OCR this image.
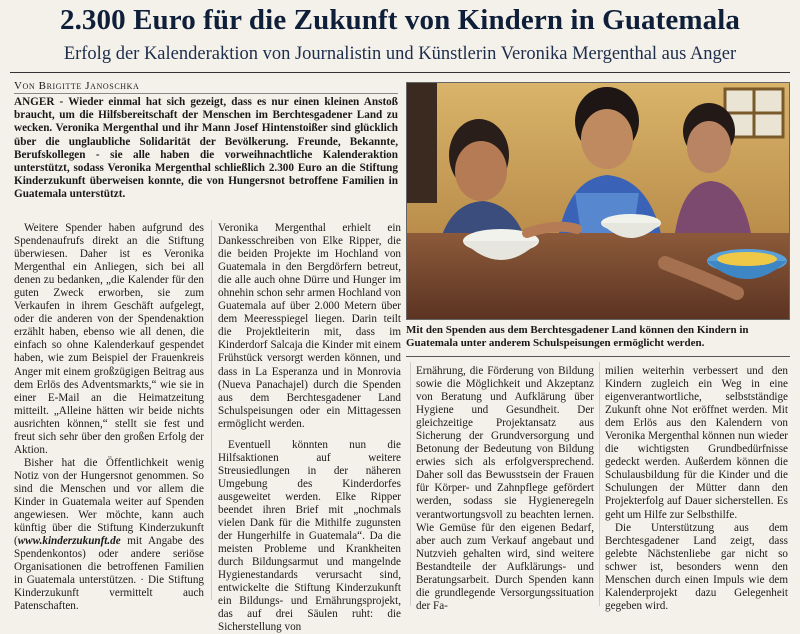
2.300 Euro für die Zukunft von Kindern in Guatemala
Erfolg der Kalenderaktion von Journalistin und Künstlerin Veronika Mergenthal aus Anger
Von Brigitte Janoschka
ANGER - Wieder einmal hat sich gezeigt, dass es nur einen kleinen Anstoß braucht, um die Hilfsbereitschaft der Menschen im Berchtesgadener Land zu wecken. Veronika Mergenthal und ihr Mann Josef Hintenstoißer sind glücklich über die unglaubliche Solidarität der Bevölkerung. Freunde, Bekannte, Berufskollegen - sie alle haben die vorweihnachtliche Kalenderaktion unterstützt, sodass Veronika Mergenthal schließlich 2.300 Euro an die Stiftung Kinderzukunft überweisen konnte, die von Hungersnot betroffene Familien in Guatemala unterstützt.
Mit den Spenden aus dem Berchtesgadener Land können den Kindern in Guatemala unter anderem Schulspeisungen ermöglicht werden.

Weitere Spender haben aufgrund des Spendenaufrufs direkt an die Stiftung überwiesen. Daher ist es Veronika Mergenthal ein Anliegen, sich bei all denen zu bedanken, „die Kalender für den guten Zweck erworben, sie zum Verkaufen in ihrem Geschäft aufgelegt, oder die anderen von der Spendenaktion erzählt haben, ebenso wie all denen, die einfach so ohne Kalenderkauf gespendet haben, wie zum Beispiel der Frauenkreis Anger mit einem großzügigen Beitrag aus dem Erlös des Adventsmarkts,“ wie sie in einer E-Mail an die Heimatzeitung mitteilt. „Alleine hätten wir beide nichts ausrichten können,“ stellt sie fest und freut sich sehr über den großen Erfolg der Aktion.

Bisher hat die Öffentlichkeit wenig Notiz von der Hungersnot genommen. So sind die Menschen und vor allem die Kinder in Guatemala weiter auf Spenden angewiesen. Wer möchte, kann auch künftig über die Stiftung Kinderzukunft (www.kinderzukunft.de mit Angabe des Spendenkontos) oder andere seriöse Organisationen die betroffenen Familien in Guatemala unterstützen. · Die Stiftung Kinderzukunft vermittelt auch Patenschaften.

Veronika Mergenthal erhielt ein Dankesschreiben von Elke Ripper, die die beiden Projekte im Hochland von Guatemala in den Bergdörfern betreut, die alle auch ohne Dürre und Hunger im ohnehin schon sehr armen Hochland von Guatemala auf über 2.000 Metern über dem Meeresspiegel liegen. Darin teilt die Projektleiterin mit, dass im Kinderdorf Salcaja die Kinder mit einem Frühstück versorgt werden können, und dass in La Esperanza und in Monrovia (Nueva Panachajel) durch die Spenden aus dem Berchtesgadener Land Schulspeisungen oder ein Mittagessen ermöglicht werden.

Eventuell könnten nun die Hilfsaktionen auf weitere Streusiedlungen in der näheren Umgebung des Kinderdorfes ausgeweitet werden. Elke Ripper beendet ihren Brief mit „nochmals vielen Dank für die Mithilfe zugunsten der Hungerhilfe in Guatemala“. Da die meisten Probleme und Krankheiten durch Bildungsarmut und mangelnde Hygienestandards verursacht sind, entwickelte die Stiftung Kinderzukunft ein Bildungs- und Ernährungsprojekt, das auf drei Säulen ruht: die Sicherstellung von

Ernährung, die Förderung von Bildung sowie die Möglichkeit und Akzeptanz von Beratung und Aufklärung über Hygiene und Gesundheit. Der gleichzeitige Projektansatz aus Sicherung der Grundversorgung und Betonung der Bedeutung von Bildung erwies sich als erfolgversprechend. Daher soll das Bewusstsein der Frauen für Körper- und Zahnpflege gefördert werden, sodass sie Hygieneregeln verantwortungsvoll zu beachten lernen. Wie Gemüse für den eigenen Bedarf, aber auch zum Verkauf angebaut und Nutzvieh gehalten wird, sind weitere Bestandteile der Aufklärungs- und Beratungsarbeit. Durch Spenden kann die grundlegende Versorgungssituation der Fa-

milien weiterhin verbessert und den Kindern zugleich ein Weg in eine eigenverantwortliche, selbstständige Zukunft ohne Not eröffnet werden. Mit dem Erlös aus den Kalendern von Veronika Mergenthal können nun wieder die wichtigsten Grundbedürfnisse gedeckt werden. Außerdem können die Schulausbildung für die Kinder und die Schulungen der Mütter dann den Projekterfolg auf Dauer sicherstellen. Es geht um Hilfe zur Selbsthilfe.

Die Unterstützung aus dem Berchtesgadener Land zeigt, dass gelebte Nächstenliebe gar nicht so schwer ist, besonders wenn den Menschen durch einen Impuls wie dem Kalenderprojekt dazu Gelegenheit gegeben wird.
